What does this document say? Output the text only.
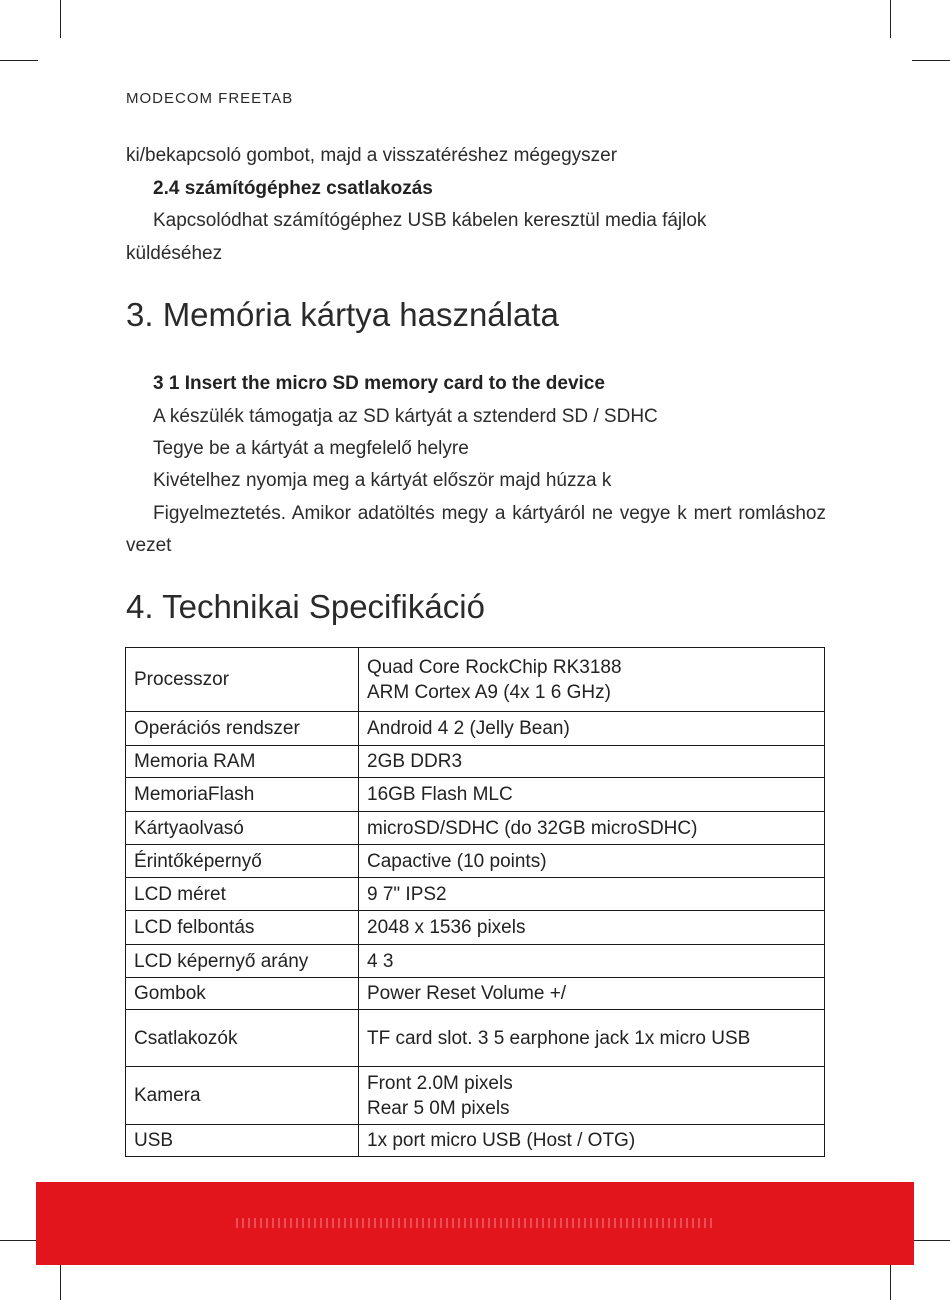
MODECOM FREETAB
ki/bekapcsoló gombot, majd a visszatéréshez mégegyszer
2.4 számítógéphez csatlakozás
Kapcsolódhat számítógéphez USB kábelen keresztül media fájlok
küldéséhez
3. Memória kártya használata
3 1 Insert the micro SD memory card to the device
A készülék támogatja az SD kártyát a sztenderd SD / SDHC
Tegye be a kártyát a megfelelő helyre
Kivételhez nyomja meg a kártyát először majd húzza k
Figyelmeztetés. Amikor adatöltés megy a kártyáról ne vegye k mert romláshoz vezet
4. Technikai Specifikáció
Processzor	Quad Core RockChip RK3188
ARM Cortex A9 (4x 1 6 GHz)

Operációs rendszer	Android 4 2 (Jelly Bean)

Memoria RAM	2GB DDR3

MemoriaFlash	16GB Flash MLC

Kártyaolvasó	microSD/SDHC (do 32GB microSDHC)

Érintőképernyő	Capactive (10 points)

LCD méret	9 7" IPS2

LCD felbontás	2048 x 1536 pixels

LCD képernyő arány	4 3

Gombok	Power Reset Volume +/

Csatlakozók	TF card slot. 3 5 earphone jack 1x micro USB

Kamera	Front 2.0M pixels
Rear 5 0M pixels

USB	1x port micro USB (Host / OTG)
